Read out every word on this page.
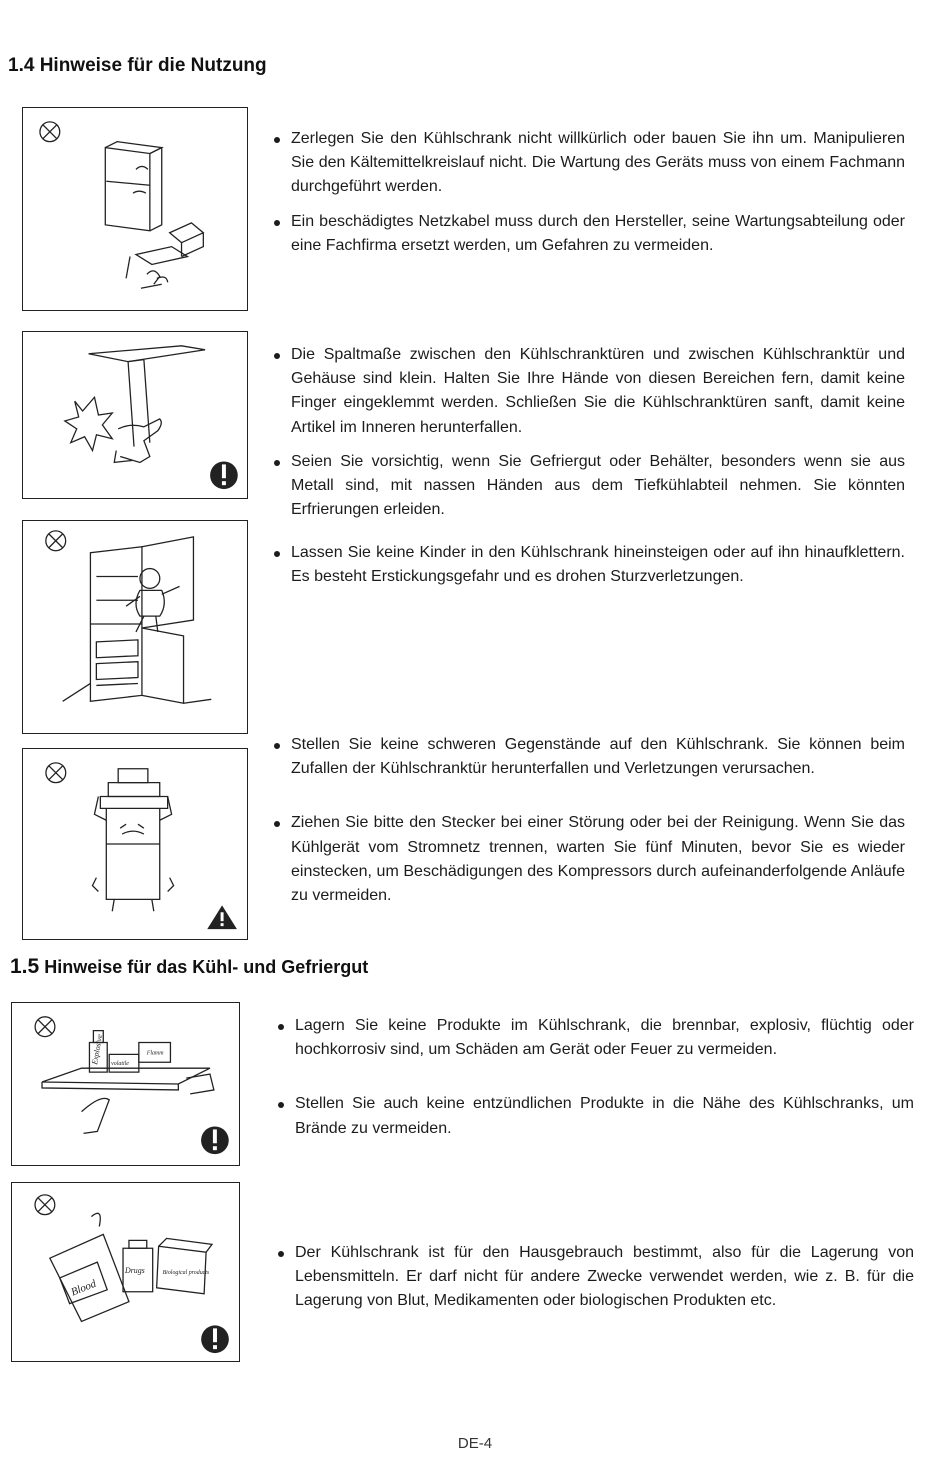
1.4 Hinweise für die Nutzung
Zerlegen Sie den Kühlschrank nicht willkürlich oder bauen Sie ihn um. Manipulieren Sie den Kältemittelkreislauf nicht. Die Wartung des Geräts muss von einem Fachmann durchgeführt werden.
Ein beschädigtes Netzkabel muss durch den Hersteller, seine Wartungsabteilung oder eine Fachfirma ersetzt werden, um Gefahren zu vermeiden.
Die Spaltmaße zwischen den Kühlschranktüren und zwischen Kühlschranktür und Gehäuse sind klein. Halten Sie Ihre Hände von diesen Bereichen fern, damit keine Finger eingeklemmt werden. Schließen Sie die Kühlschranktüren sanft, damit keine Artikel im Inneren herunterfallen.
Seien Sie vorsichtig, wenn Sie Gefriergut oder Behälter, besonders wenn sie aus Metall sind, mit nassen Händen aus dem Tiefkühlabteil nehmen. Sie könnten Erfrierungen erleiden.
Lassen Sie keine Kinder in den Kühlschrank hineinsteigen oder auf ihn hinaufklettern. Es besteht Erstickungsgefahr und es drohen Sturzverletzungen.
Stellen Sie keine schweren Gegenstände auf den Kühlschrank. Sie können beim Zufallen der Kühlschranktür herunterfallen und Verletzungen verursachen.
Ziehen Sie bitte den Stecker bei einer Störung oder bei der Reinigung. Wenn Sie das Kühlgerät vom Stromnetz trennen, warten Sie fünf Minuten, bevor Sie es wieder einstecken, um Beschädigungen des Kompressors durch aufeinanderfolgende Anläufe zu vermeiden.
1.5 Hinweise für das Kühl- und Gefriergut
Explosive volatile
Flamm
Lagern Sie keine Produkte im Kühlschrank, die brennbar, explosiv, flüchtig oder hochkorrosiv sind, um Schäden am Gerät oder Feuer zu vermeiden.
Stellen Sie auch keine entzündlichen Produkte in die Nähe des Kühlschranks, um Brände zu vermeiden.
Blood
Drugs	Biological products
Der Kühlschrank ist für den Hausgebrauch bestimmt, also für die Lagerung von Lebensmitteln. Er darf nicht für andere Zwecke verwendet werden, wie z. B. für die Lagerung von Blut, Medikamenten oder biologischen Produkten etc.
DE-4
